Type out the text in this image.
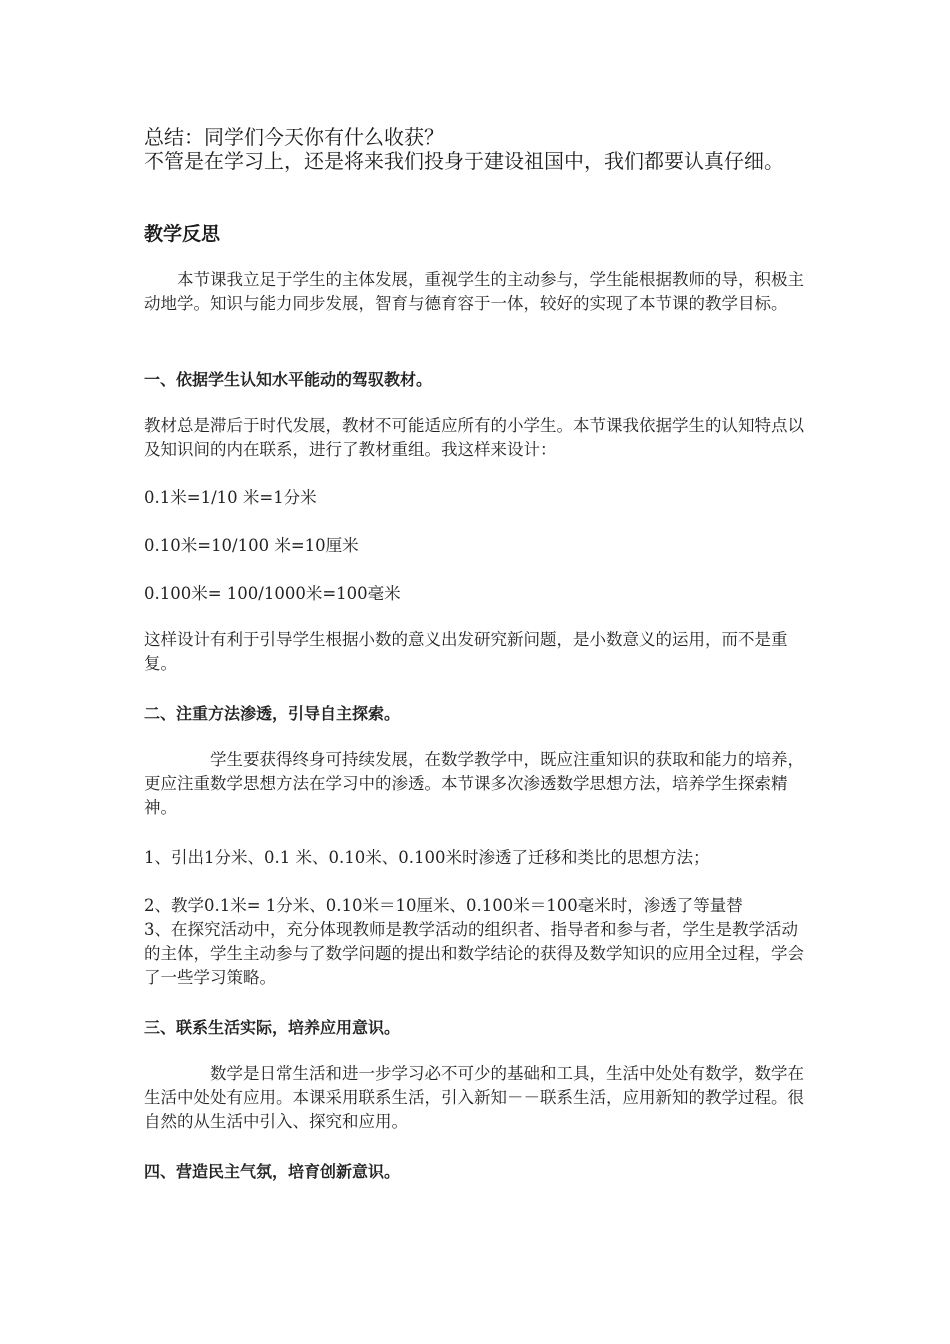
总结：同学们今天你有什么收获？

不管是在学习上，还是将来我们投身于建设祖国中，我们都要认真仔细。

教学反思

本节课我立足于学生的主体发展，重视学生的主动参与，学生能根据教师的导，积极主动地学。知识与能力同步发展，智育与德育容于一体，较好的实现了本节课的教学目标。

一、依据学生认知水平能动的驾驭教材。

教材总是滞后于时代发展，教材不可能适应所有的小学生。本节课我依据学生的认知特点以及知识间的内在联系，进行了教材重组。我这样来设计：

0.1米=1/10 米=1分米

0.10米=10/100 米=10厘米

0.100米= 100/1000米=100毫米

这样设计有利于引导学生根据小数的意义出发研究新问题，是小数意义的运用，而不是重复。

二、注重方法渗透，引导自主探索。

学生要获得终身可持续发展，在数学教学中，既应注重知识的获取和能力的培养，更应注重数学思想方法在学习中的渗透。本节课多次渗透数学思想方法，培养学生探索精神。

1、引出1分米、0.1 米、0.10米、0.100米时渗透了迁移和类比的思想方法；

2、教学0.1米= 1分米、0.10米＝10厘米、0.100米＝100毫米时，渗透了等量替

3、在探究活动中，充分体现教师是教学活动的组织者、指导者和参与者，学生是教学活动的主体，学生主动参与了数学问题的提出和数学结论的获得及数学知识的应用全过程，学会了一些学习策略。

三、联系生活实际，培养应用意识。

数学是日常生活和进一步学习必不可少的基础和工具，生活中处处有数学，数学在生活中处处有应用。本课采用联系生活，引入新知－－联系生活，应用新知的教学过程。很自然的从生活中引入、探究和应用。

四、营造民主气氛，培育创新意识。
